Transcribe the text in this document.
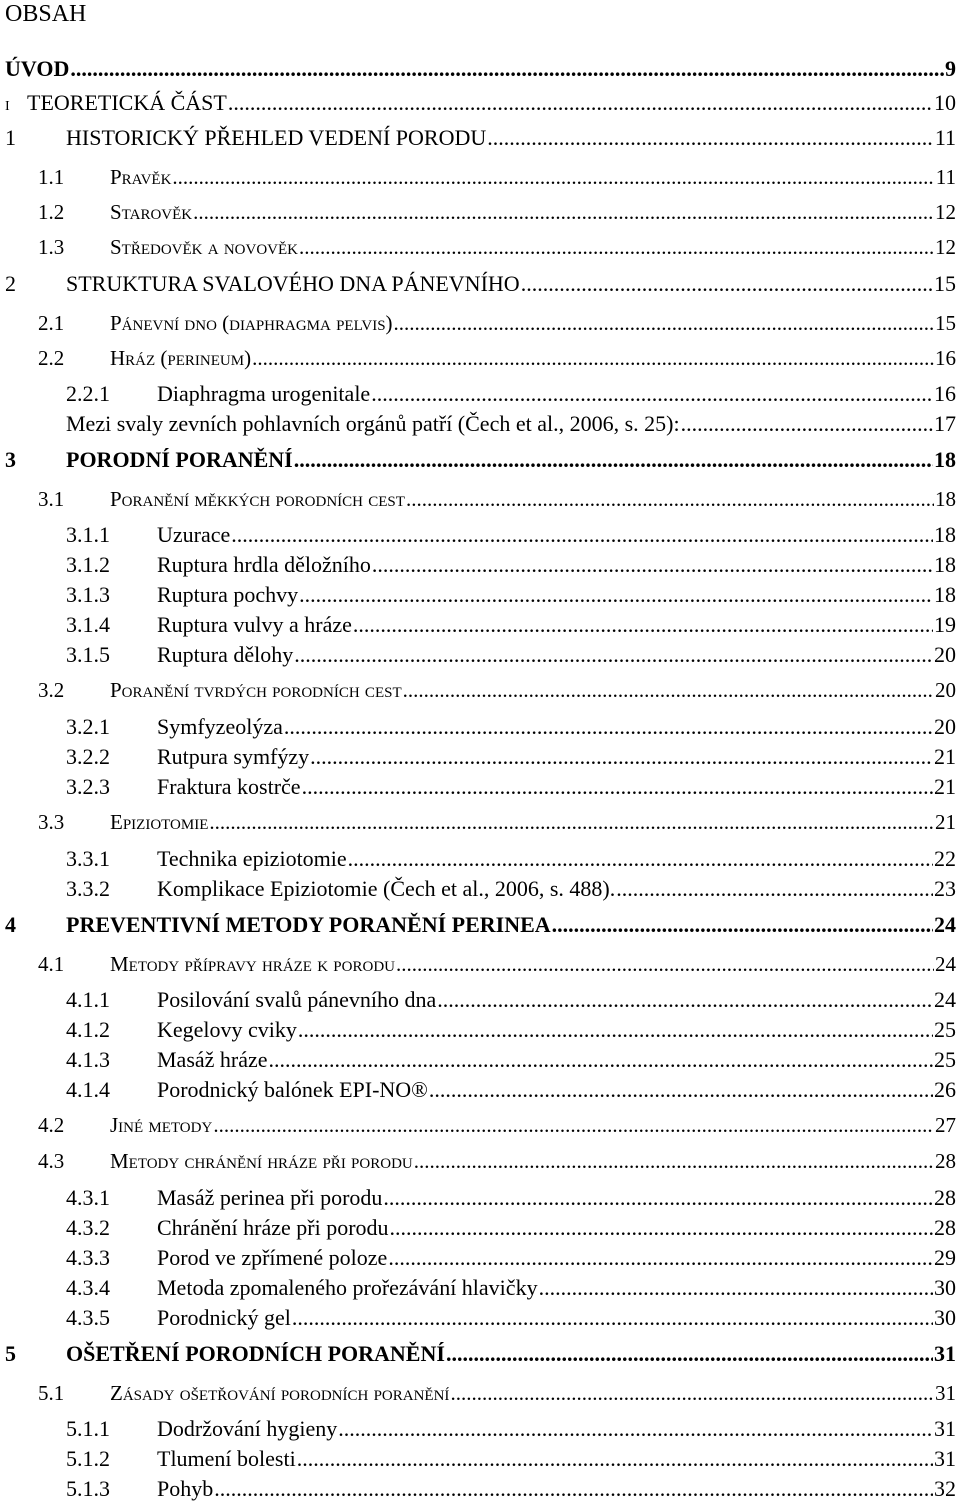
OBSAH
ÚVOD .....	9
I TEORETICKÁ ČÁST .....	10
1	HISTORICKÝ PŘEHLED VEDENÍ PORODU .....	11
1.1	Pravěk .....	11
1.2	Starověk .....	12
1.3	Středověk a novověk .....	12
2	STRUKTURA SVALOVÉHO DNA PÁNEVNÍHO .....	15
2.1	Pánevní dno (diaphragma pelvis) .....	15
2.2	Hráz (perineum) .....	16
2.2.1	Diaphragma urogenitale .....	16
Mezi svaly zevních pohlavních orgánů patří (Čech et al., 2006, s. 25): .....	17
3	PORODNÍ PORANĚNÍ .....	18
3.1	Poranění měkkých porodních cest .....	18
3.1.1	Uzurace .....	18
3.1.2	Ruptura hrdla děložního .....	18
3.1.3	Ruptura pochvy .....	18
3.1.4	Ruptura vulvy a hráze .....	19
3.1.5	Ruptura dělohy .....	20
3.2	Poranění tvrdých porodních cest .....	20
3.2.1	Symfyzeolýza .....	20
3.2.2	Rutpura symfýzy .....	21
3.2.3	Fraktura kostrče .....	21
3.3	Epiziotomie .....	21
3.3.1	Technika epiziotomie .....	22
3.3.2	Komplikace Epiziotomie (Čech et al., 2006, s. 488). .....	23
4	PREVENTIVNÍ METODY PORANĚNÍ PERINEA .....	24
4.1	Metody přípravy hráze k porodu .....	24
4.1.1	Posilování svalů pánevního dna .....	24
4.1.2	Kegelovy cviky .....	25
4.1.3	Masáž hráze .....	25
4.1.4	Porodnický balónek EPI-NO® .....	26
4.2	Jiné metody .....	27
4.3	Metody chránění hráze při porodu .....	28
4.3.1	Masáž perinea při porodu .....	28
4.3.2	Chránění hráze při porodu .....	28
4.3.3	Porod ve zpřímené poloze .....	29
4.3.4	Metoda zpomaleného prořezávání hlavičky .....	30
4.3.5	Porodnický gel .....	30
5	OŠETŘENÍ PORODNÍCH PORANĚNÍ .....	31
5.1	Zásady ošetřování porodních poranění .....	31
5.1.1	Dodržování hygieny .....	31
5.1.2	Tlumení bolesti .....	31
5.1.3	Pohyb .....	32
